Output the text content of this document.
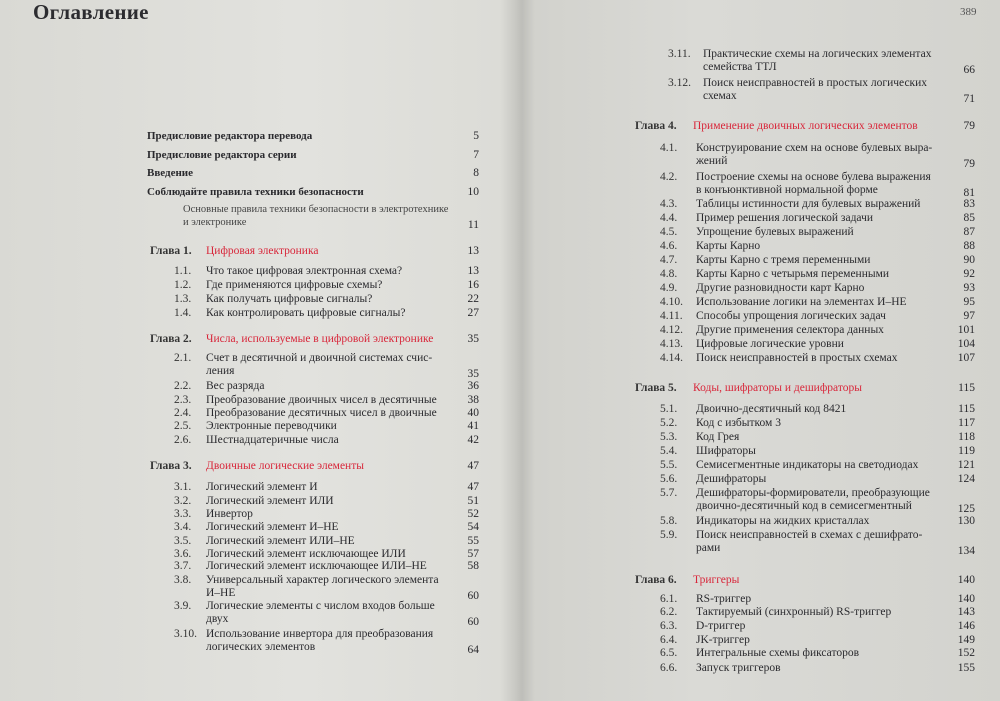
Оглавление
Предисловие редактора перевода	5
Предисловие редактора серии	7
Введение	8
Соблюдайте правила техники безопасности	10
Основные правила техники безопасности в электротехнике
и электронике	11
Глава 1. Цифровая электроника	13
1.1. Что такое цифровая электронная схема?	13
1.2. Где применяются цифровые схемы?	16
1.3. Как получать цифровые сигналы?	22
1.4. Как контролировать цифровые сигналы?	27
Глава 2. Числа, используемые в цифровой электронике	35
2.1. Счет в десятичной и двоичной системах счис-
ления	35
2.2. Вес разряда	36
2.3. Преобразование двоичных чисел в десятичные	38
2.4. Преобразование десятичных чисел в двоичные	40
2.5. Электронные переводчики	41
2.6. Шестнадцатеричные числа	42
Глава 3. Двоичные логические элементы	47
3.1. Логический элемент И	47
3.2. Логический элемент ИЛИ	51
3.3. Инвертор	52
3.4. Логический элемент И–НЕ	54
3.5. Логический элемент ИЛИ–НЕ	55
3.6. Логический элемент исключающее ИЛИ	57
3.7. Логический элемент исключающее ИЛИ–НЕ	58
3.8. Универсальный характер логического элемента
И–НЕ	60
3.9. Логические элементы с числом входов больше
двух	60
3.10. Использование инвертора для преобразования
логических элементов	64
389
3.11. Практические схемы на логических элементах
семейства ТТЛ	66
3.12. Поиск неисправностей в простых логических
схемах	71
Глава 4. Применение двоичных логических элементов	79
4.1. Конструирование схем на основе булевых выра-
жений	79
4.2. Построение схемы на основе булева выражения
в конъюнктивной нормальной форме	81
4.3. Таблицы истинности для булевых выражений	83
4.4. Пример решения логической задачи	85
4.5. Упрощение булевых выражений	87
4.6. Карты Карно	88
4.7. Карты Карно с тремя переменными	90
4.8. Карты Карно с четырьмя переменными	92
4.9. Другие разновидности карт Карно	93
4.10. Использование логики на элементах И–НЕ	95
4.11. Способы упрощения логических задач	97
4.12. Другие применения селектора данных	101
4.13. Цифровые логические уровни	104
4.14. Поиск неисправностей в простых схемах	107
Глава 5. Коды, шифраторы и дешифраторы	115
5.1. Двоично-десятичный код 8421	115
5.2. Код с избытком 3	117
5.3. Код Грея	118
5.4. Шифраторы	119
5.5. Семисегментные индикаторы на светодиодах	121
5.6. Дешифраторы	124
5.7. Дешифраторы-формирователи, преобразующие
двоично-десятичный код в семисегментный	125
5.8. Индикаторы на жидких кристаллах	130
5.9. Поиск неисправностей в схемах с дешифрато-
рами	134
Глава 6. Триггеры	140
6.1. RS-триггер	140
6.2. Тактируемый (синхронный) RS-триггер	143
6.3. D-триггер	146
6.4. JK-триггер	149
6.5. Интегральные схемы фиксаторов	152
6.6. Запуск триггеров	155
